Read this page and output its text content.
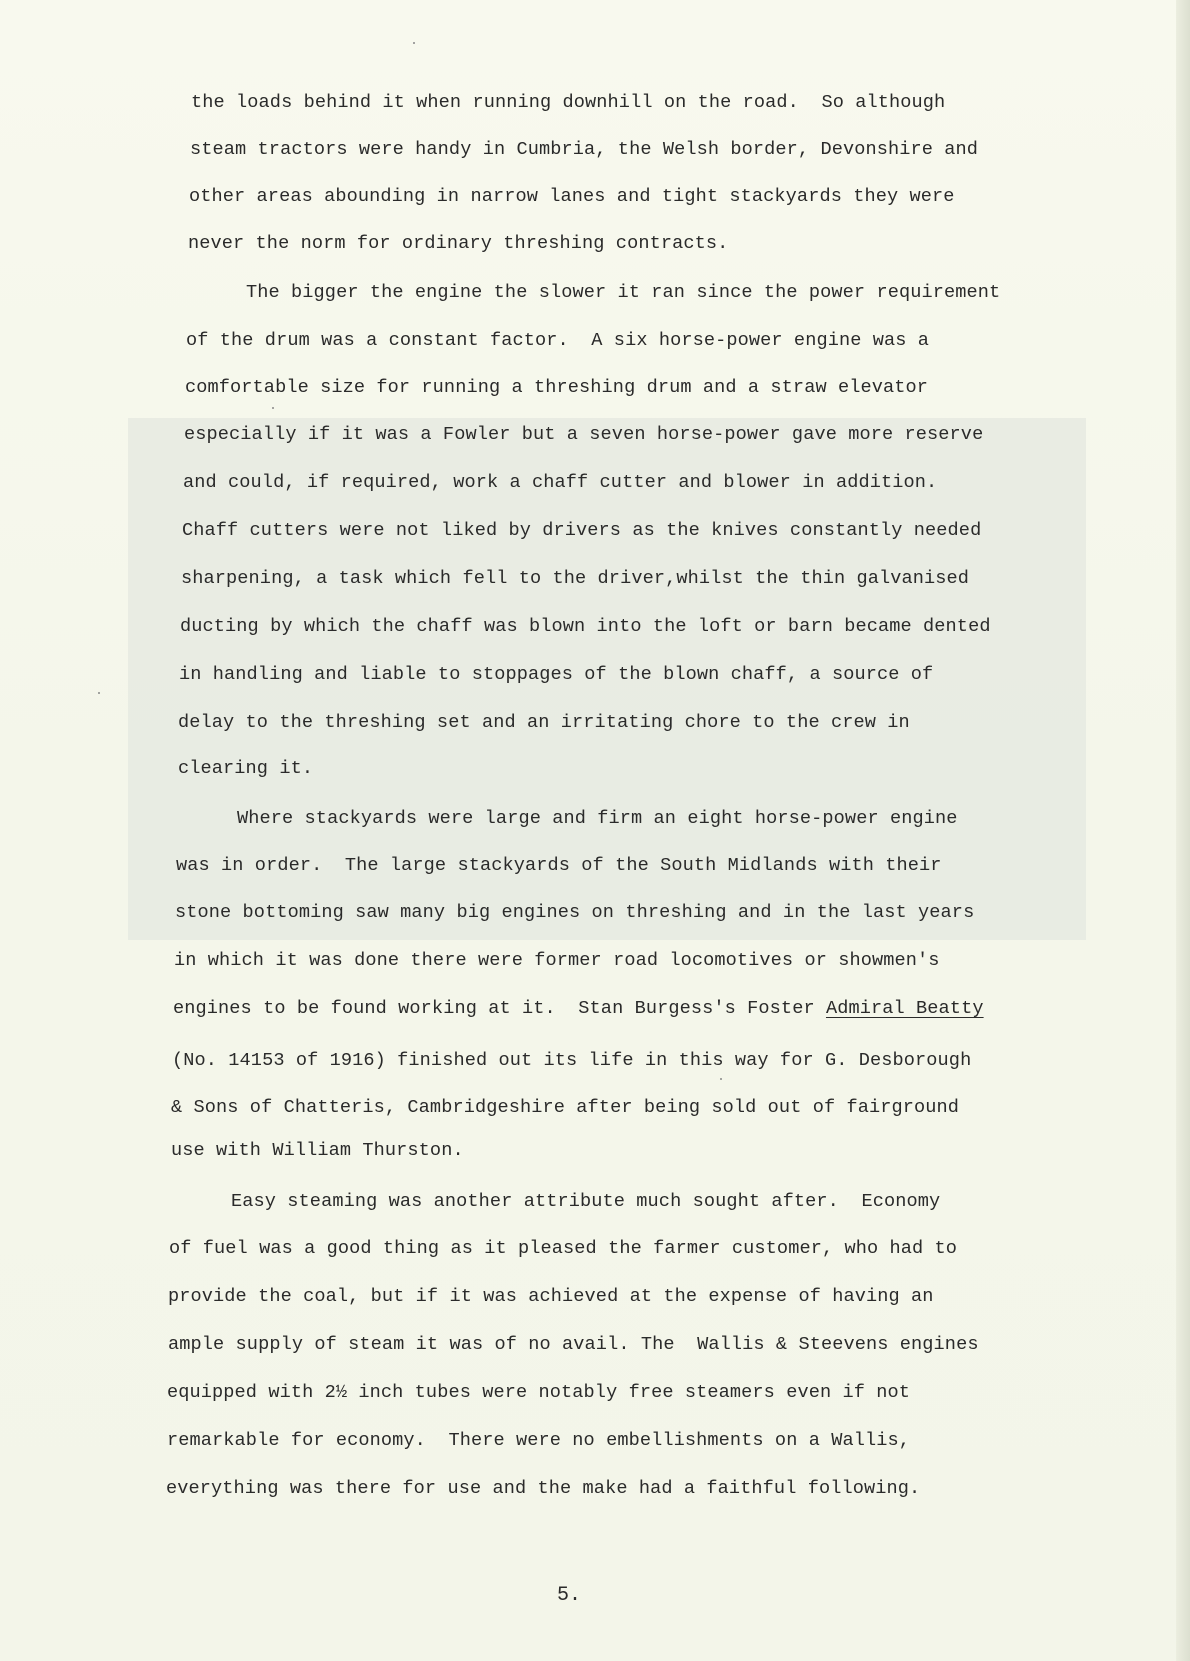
the loads behind it when running downhill on the road.  So although
steam tractors were handy in Cumbria, the Welsh border, Devonshire and
other areas abounding in narrow lanes and tight stackyards they were
never the norm for ordinary threshing contracts.
The bigger the engine the slower it ran since the power requirement
of the drum was a constant factor.  A six horse-power engine was a
comfortable size for running a threshing drum and a straw elevator
especially if it was a Fowler but a seven horse-power gave more reserve
and could, if required, work a chaff cutter and blower in addition.
Chaff cutters were not liked by drivers as the knives constantly needed
sharpening, a task which fell to the driver,whilst the thin galvanised
ducting by which the chaff was blown into the loft or barn became dented
in handling and liable to stoppages of the blown chaff, a source of
delay to the threshing set and an irritating chore to the crew in
clearing it.
Where stackyards were large and firm an eight horse-power engine
was in order.  The large stackyards of the South Midlands with their
stone bottoming saw many big engines on threshing and in the last years
in which it was done there were former road locomotives or showmen's
engines to be found working at it.  Stan Burgess's Foster Admiral Beatty
(No. 14153 of 1916) finished out its life in this way for G. Desborough
& Sons of Chatteris, Cambridgeshire after being sold out of fairground
use with William Thurston.
Easy steaming was another attribute much sought after.  Economy
of fuel was a good thing as it pleased the farmer customer, who had to
provide the coal, but if it was achieved at the expense of having an
ample supply of steam it was of no avail. The  Wallis & Steevens engines
equipped with 2½ inch tubes were notably free steamers even if not
remarkable for economy.  There were no embellishments on a Wallis,
everything was there for use and the make had a faithful following.
5.
